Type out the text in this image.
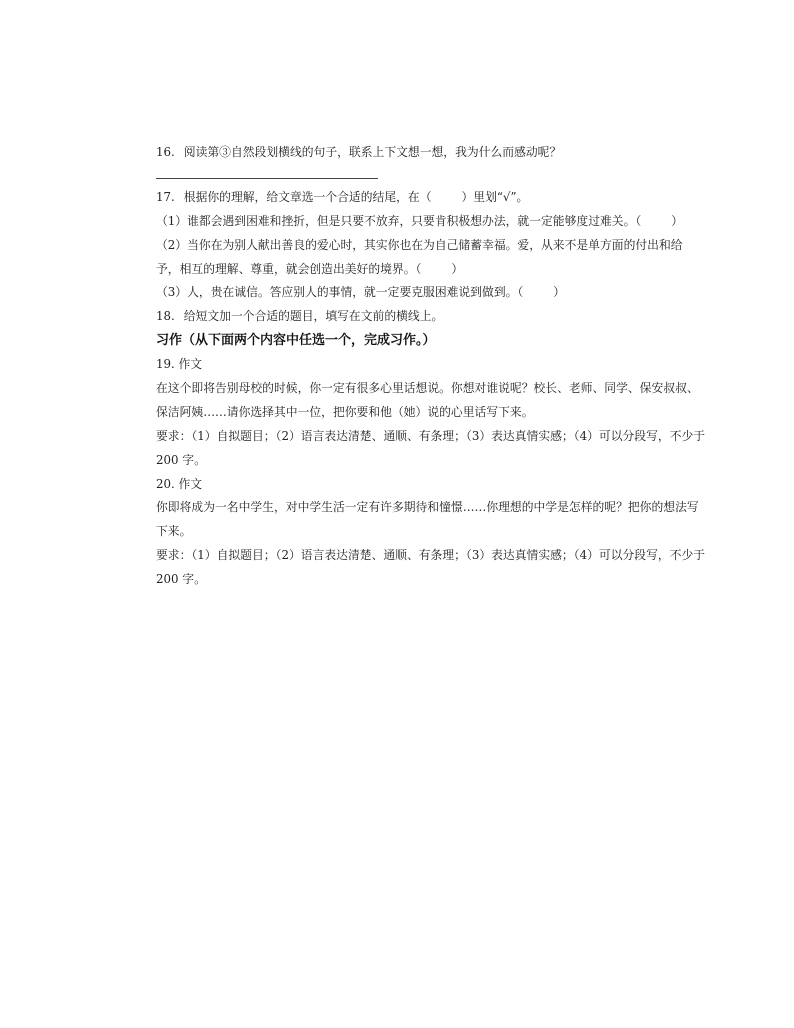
16. 阅读第③自然段划横线的句子，联系上下文想一想，我为什么而感动呢？
17. 根据你的理解，给文章选一个合适的结尾，在（        ）里划“√”。
（1）谁都会遇到困难和挫折，但是只要不放弃，只要肯积极想办法，就一定能够度过难关。（        ）
（2）当你在为别人献出善良的爱心时，其实你也在为自己储蓄幸福。爱，从来不是单方面的付出和给
予，相互的理解、尊重，就会创造出美好的境界。（        ）
（3）人，贵在诚信。答应别人的事情，就一定要克服困难说到做到。（        ）
18. 给短文加一个合适的题目，填写在文前的横线上。
习作（从下面两个内容中任选一个，完成习作。）
19. 作文
在这个即将告别母校的时候，你一定有很多心里话想说。你想对谁说呢？校长、老师、同学、保安叔叔、
保洁阿姨……请你选择其中一位，把你要和他（她）说的心里话写下来。
要求：（1）自拟题目；（2）语言表达清楚、通顺、有条理；（3）表达真情实感；（4）可以分段写，不少于
200 字。
20. 作文
你即将成为一名中学生，对中学生活一定有许多期待和憧憬……你理想的中学是怎样的呢？把你的想法写
下来。
要求：（1）自拟题目；（2）语言表达清楚、通顺、有条理；（3）表达真情实感；（4）可以分段写，不少于
200 字。
